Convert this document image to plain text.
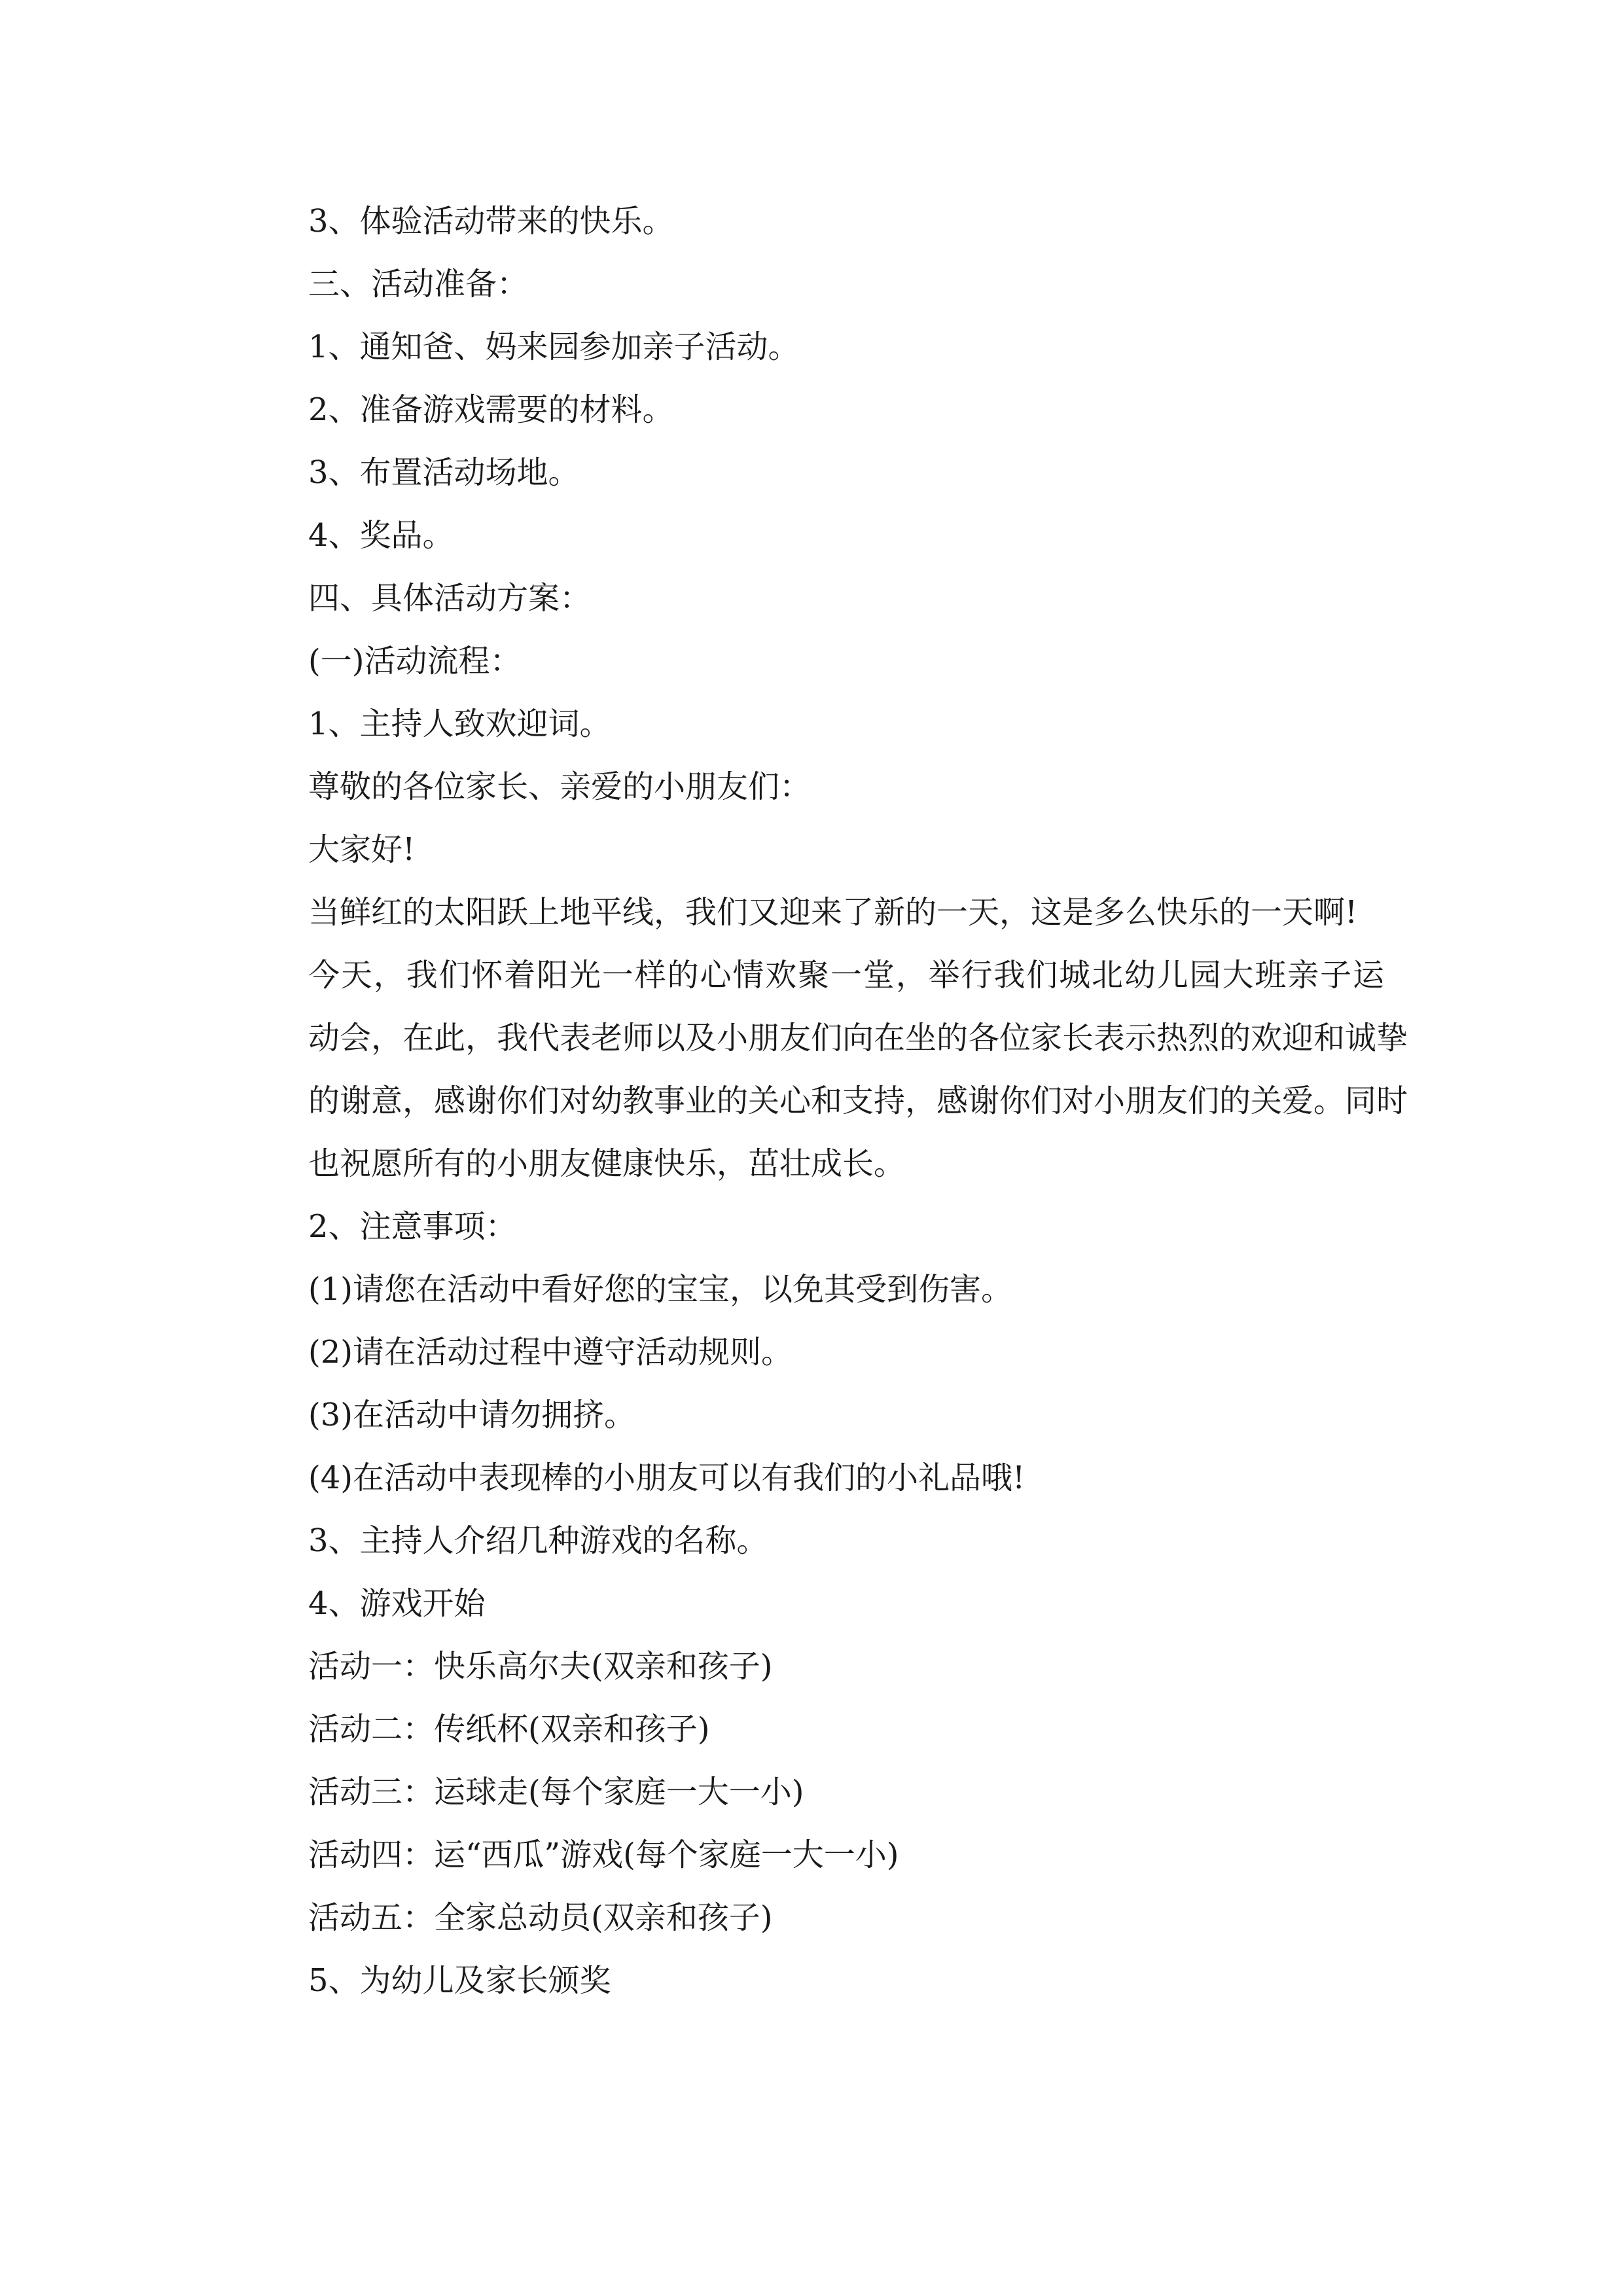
3、体验活动带来的快乐。

三、活动准备：

1、通知爸、妈来园参加亲子活动。

2、准备游戏需要的材料。

3、布置活动场地。

4、奖品。

四、具体活动方案：

(一)活动流程：

1、主持人致欢迎词。

尊敬的各位家长、亲爱的小朋友们：

大家好!

当鲜红的太阳跃上地平线，我们又迎来了新的一天，这是多么快乐的一天啊!

今天，我们怀着阳光一样的心情欢聚一堂，举行我们城北幼儿园大班亲子运
动会，在此，我代表老师以及小朋友们向在坐的各位家长表示热烈的欢迎和诚挚
的谢意，感谢你们对幼教事业的关心和支持，感谢你们对小朋友们的关爱。同时
也祝愿所有的小朋友健康快乐，茁壮成长。

2、注意事项：

(1)请您在活动中看好您的宝宝，以免其受到伤害。

(2)请在活动过程中遵守活动规则。

(3)在活动中请勿拥挤。

(4)在活动中表现棒的小朋友可以有我们的小礼品哦!

3、主持人介绍几种游戏的名称。

4、游戏开始

活动一：快乐高尔夫(双亲和孩子)

活动二：传纸杯(双亲和孩子)

活动三：运球走(每个家庭一大一小)

活动四：运“西瓜”游戏(每个家庭一大一小)

活动五：全家总动员(双亲和孩子)

5、为幼儿及家长颁奖
